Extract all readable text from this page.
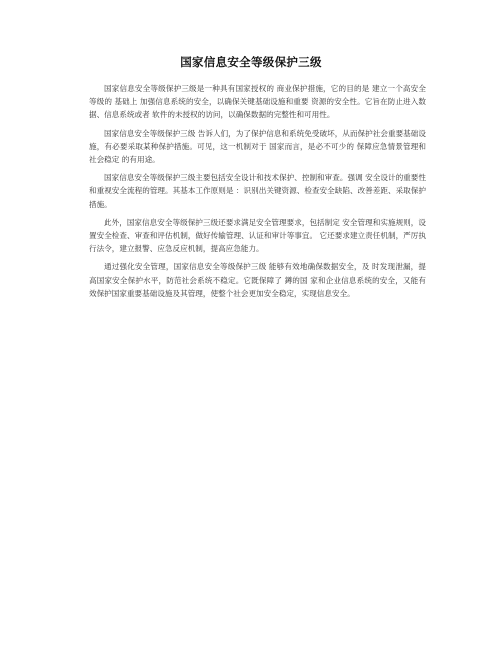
国家信息安全等级保护三级

国家信息安全等级保护三级是一种具有国家授权的 商业保护措施，它的目的是 建立一个高安全等级的 基础上 加强信息系统的安全，以确保关键基础设施和重要 资源的安全性。它旨在防止进入数据、信息系统或者 软件的未授权的访问，以确保数据的完整性和可用性。

国家信息安全等级保护三级 告诉人们，为了保护信息和系统免受破坏，从而保护社会重要基础设施，有必要采取某种保护措施。可见，这一机制对于 国家而言，是必不可少的 保障应急情景管理和社会稳定 的有用途。

国家信息安全等级保护三级主要包括安全设计和技术保护、控制和审查。强调 安全设计的重要性和重视安全流程的管理。其基本工作原则是 ：识别出关键资源、检查安全缺陷、改善差距、采取保护措施。

此外，国家信息安全等级保护三级还要求满足安全管理要求，包括制定 安全管理和实施规则，设置安全检查、审查和评估机制，做好传输管理、认证和审计等事宜。 它还要求建立责任机制，严厉执行法令，建立报警、应急反应机制，提高应急能力。

通过强化安全管理，国家信息安全等级保护三级 能够有效地确保数据安全，及 时发现泄漏，提高国家安全保护水平，防范社会系统不稳定。它既保障了 鐏的国 家和企业信息系统的安全，又能有效保护国家重要基础设施及其管理，使整个社会更加安全稳定，实现信息安全。
